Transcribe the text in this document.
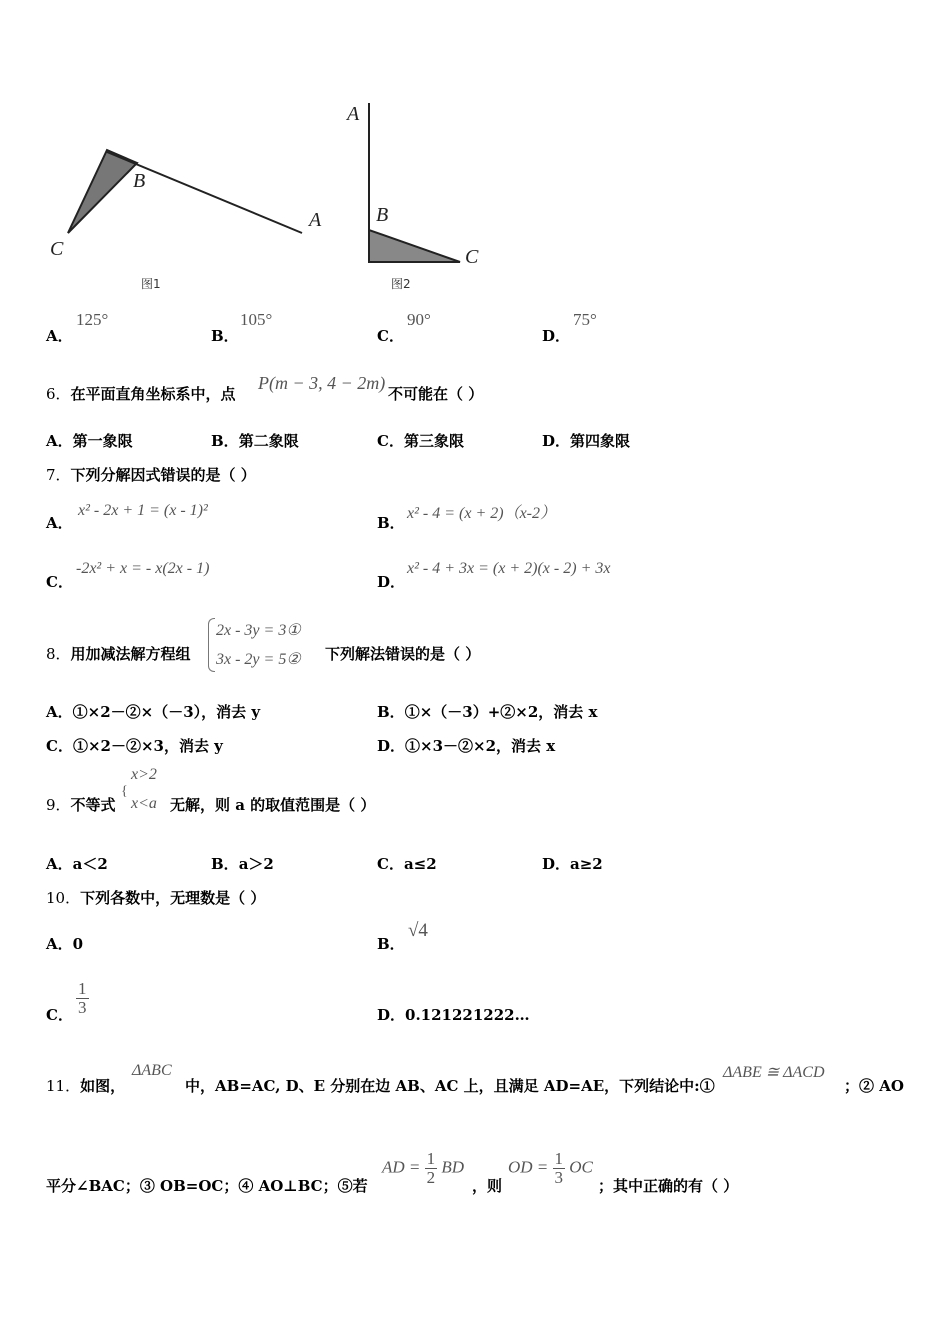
B
A
C
图1
A
B
C
图2
A．
125°
B．
105°
C．
90°
D．
75°
6．在平面直角坐标系中，点
P(m − 3, 4 − 2m)
不可能在（ ）
A．第一象限	B．第二象限	C．第三象限	D．第四象限
7．下列分解因式错误的是（ ）
A．
x² - 2x + 1 = (x - 1)²
B．
x² - 4 = (x + 2)（x-2）
C．
-2x² + x = - x(2x - 1)
D．
x² - 4 + 3x = (x + 2)(x - 2) + 3x
8．用加减法解方程组
2x - 3y = 3①
3x - 2y = 5② 下列解法错误的是（ ）
A．①×2－②×（－3），消去 y	B．①×（－3）+②×2，消去 x
C．①×2－②×3，消去 y	D．①×3－②×2，消去 x
9．不等式
{
x>2
x<a 无解，则 a 的取值范围是（ ）
A．a＜2	B．a＞2	C．a≤2	D．a≥2
10．下列各数中，无理数是（ ）
A．0	B．
√4
C． $\frac{1}{3}$	D．0.121221222…
11．如图，
ΔABC
中，AB=AC, D、E 分别在边 AB、AC 上，且满足 AD=AE，下列结论中:①
ΔABE ≅ ΔACD
；② AO
平分∠BAC；③ OB=OC；④ AO⊥BC；⑤若
AD = $\frac{1}{2}$ BD
，则
OD = $\frac{1}{3}$ OC
；其中正确的有（ ）
